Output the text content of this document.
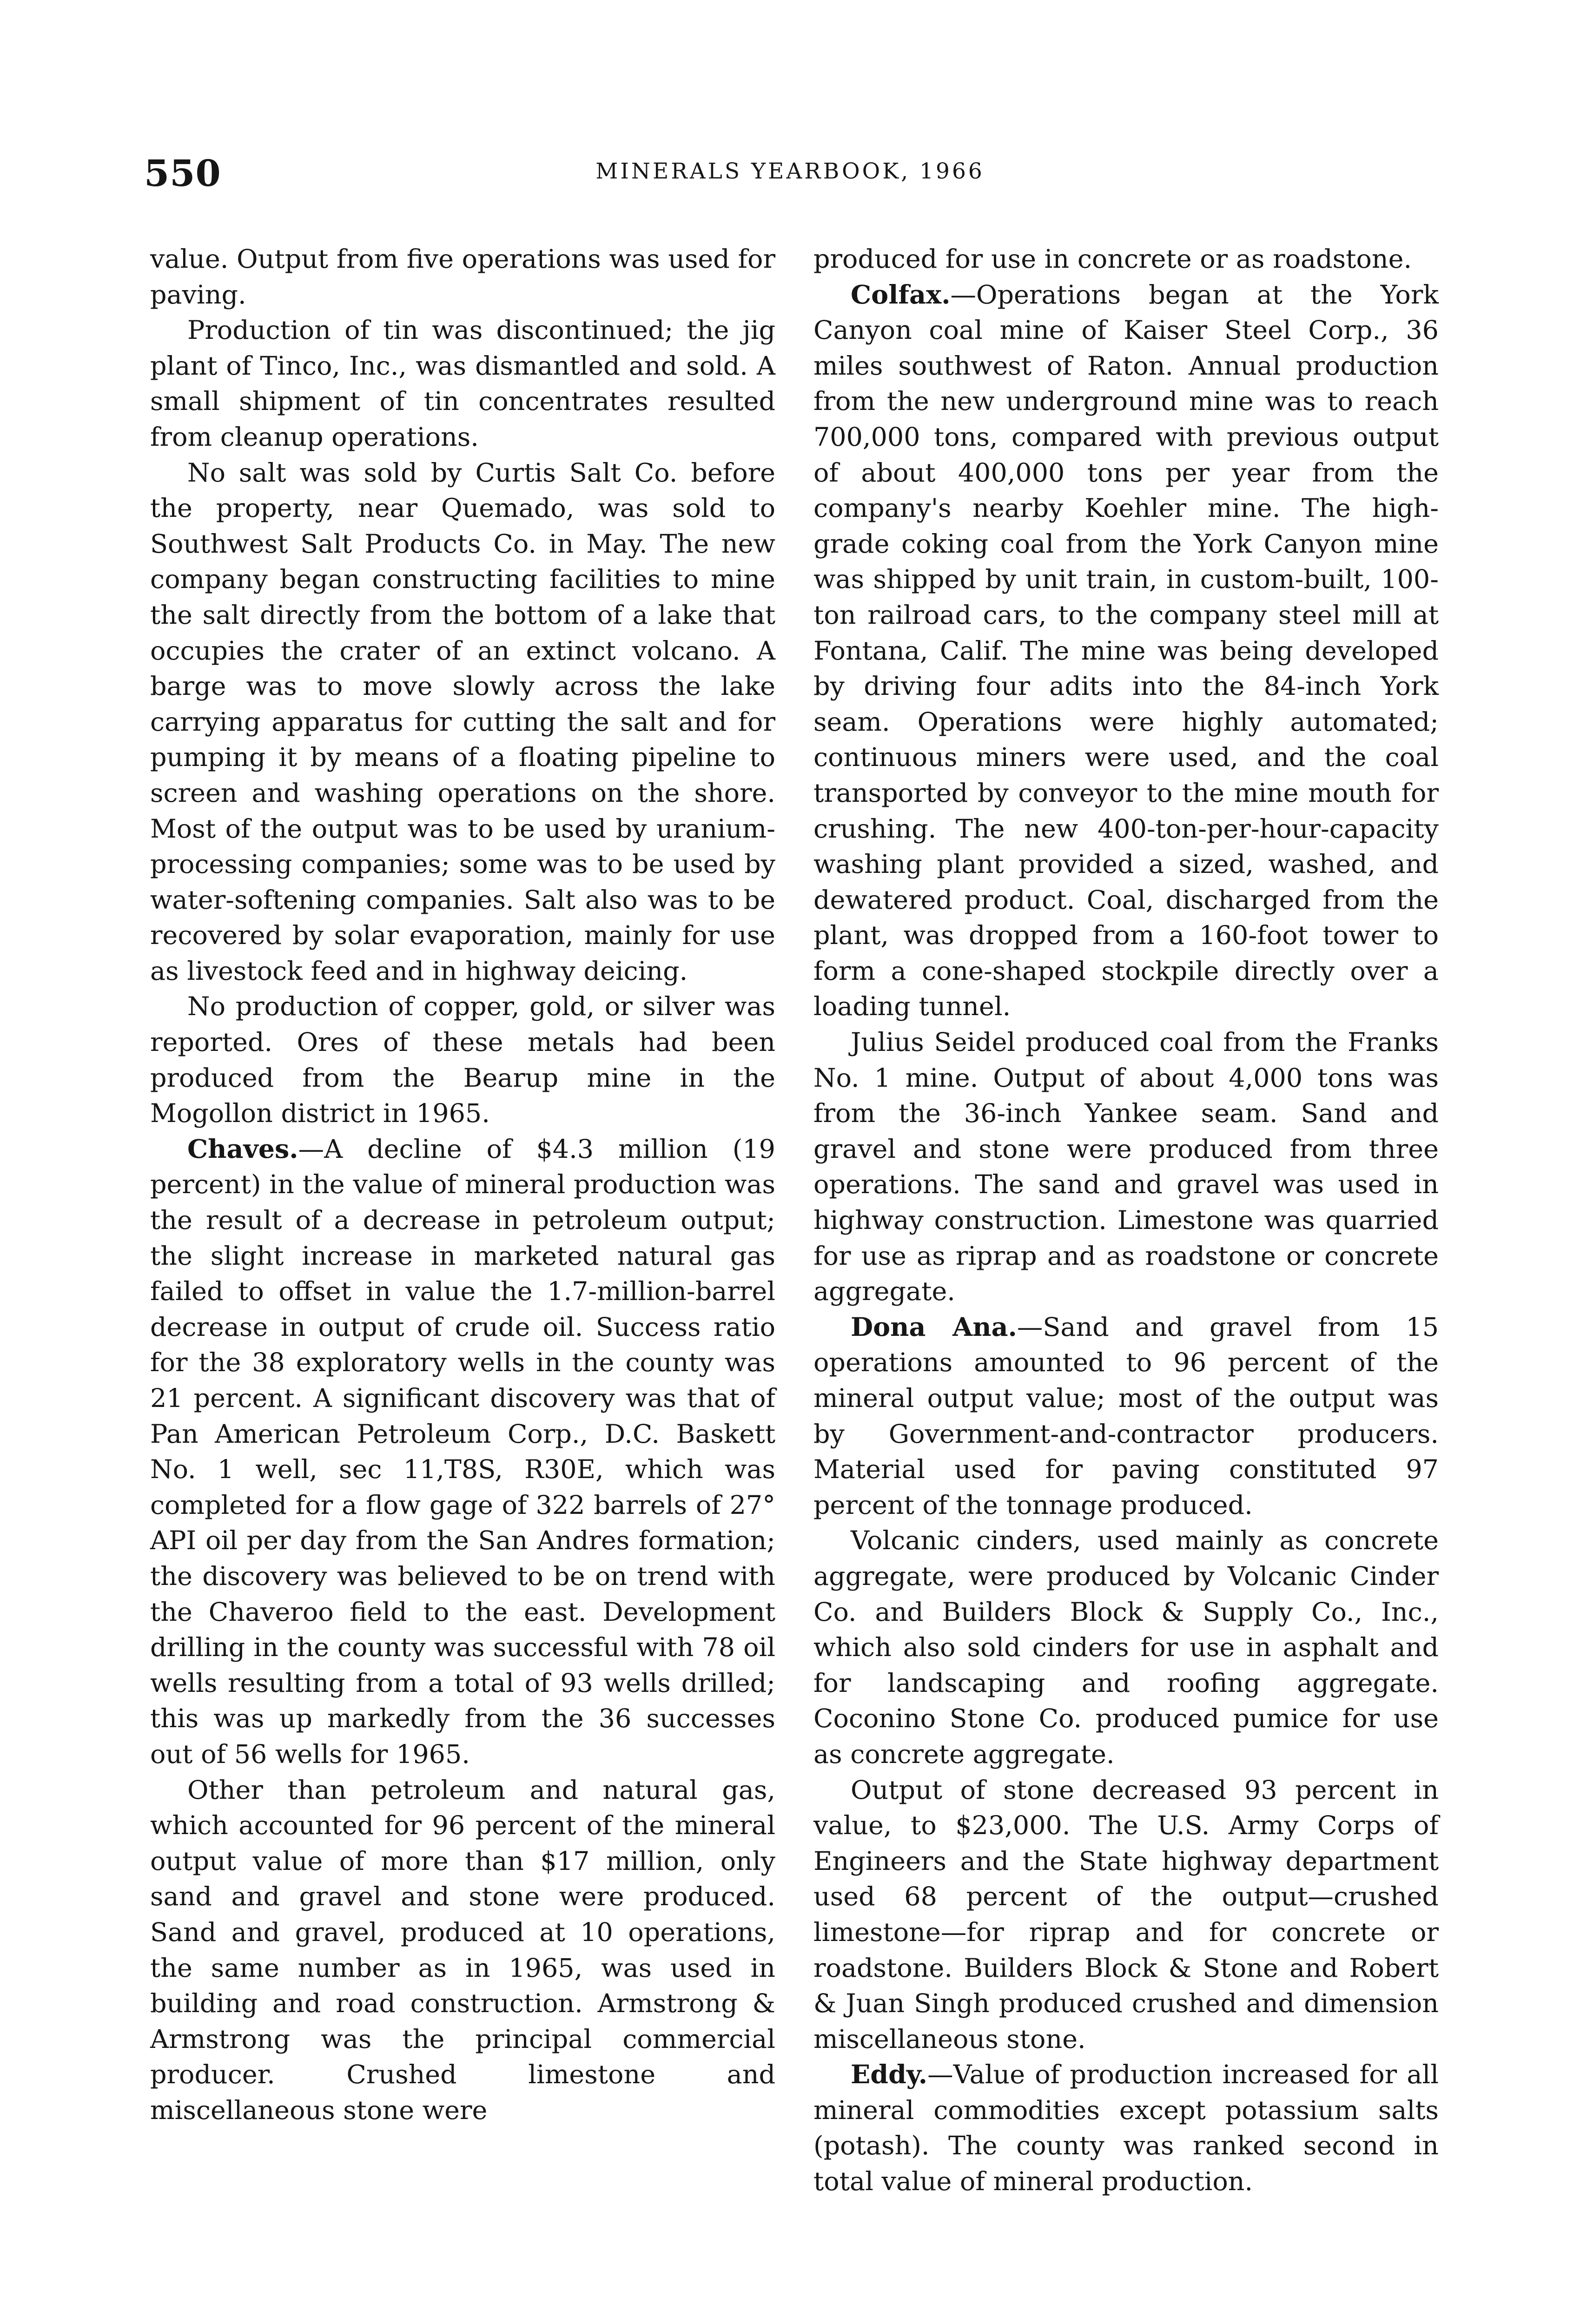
550	MINERALS YEARBOOK, 1966

value. Output from five operations was used for paving.

Production of tin was discontinued; the jig plant of Tinco, Inc., was dismantled and sold. A small shipment of tin concentrates resulted from cleanup operations.

No salt was sold by Curtis Salt Co. before the property, near Quemado, was sold to Southwest Salt Products Co. in May. The new company began constructing facilities to mine the salt directly from the bottom of a lake that occupies the crater of an extinct volcano. A barge was to move slowly across the lake carrying apparatus for cutting the salt and for pumping it by means of a floating pipeline to screen and washing operations on the shore. Most of the output was to be used by uranium-processing companies; some was to be used by water-softening companies. Salt also was to be recovered by solar evaporation, mainly for use as livestock feed and in highway deicing.

No production of copper, gold, or silver was reported. Ores of these metals had been produced from the Bearup mine in the Mogollon district in 1965.

Chaves.—A decline of $4.3 million (19 percent) in the value of mineral production was the result of a decrease in petroleum output; the slight increase in marketed natural gas failed to offset in value the 1.7-million-barrel decrease in output of crude oil. Success ratio for the 38 exploratory wells in the county was 21 percent. A significant discovery was that of Pan American Petroleum Corp., D.C. Baskett No. 1 well, sec 11,T8S, R30E, which was completed for a flow gage of 322 barrels of 27° API oil per day from the San Andres formation; the discovery was believed to be on trend with the Chaveroo field to the east. Development drilling in the county was successful with 78 oil wells resulting from a total of 93 wells drilled; this was up markedly from the 36 successes out of 56 wells for 1965.

Other than petroleum and natural gas, which accounted for 96 percent of the mineral output value of more than $17 million, only sand and gravel and stone were produced. Sand and gravel, produced at 10 operations, the same number as in 1965, was used in building and road construction. Armstrong & Armstrong was the principal commercial producer. Crushed limestone and miscellaneous stone were

produced for use in concrete or as roadstone.

Colfax.—Operations began at the York Canyon coal mine of Kaiser Steel Corp., 36 miles southwest of Raton. Annual production from the new underground mine was to reach 700,000 tons, compared with previous output of about 400,000 tons per year from the company's nearby Koehler mine. The high-grade coking coal from the York Canyon mine was shipped by unit train, in custom-built, 100-ton railroad cars, to the company steel mill at Fontana, Calif. The mine was being developed by driving four adits into the 84-inch York seam. Operations were highly automated; continuous miners were used, and the coal transported by conveyor to the mine mouth for crushing. The new 400-ton-per-hour-capacity washing plant provided a sized, washed, and dewatered product. Coal, discharged from the plant, was dropped from a 160-foot tower to form a cone-shaped stockpile directly over a loading tunnel.

Julius Seidel produced coal from the Franks No. 1 mine. Output of about 4,000 tons was from the 36-inch Yankee seam. Sand and gravel and stone were produced from three operations. The sand and gravel was used in highway construction. Limestone was quarried for use as riprap and as roadstone or concrete aggregate.

Dona Ana.—Sand and gravel from 15 operations amounted to 96 percent of the mineral output value; most of the output was by Government-and-contractor producers. Material used for paving constituted 97 percent of the tonnage produced.

Volcanic cinders, used mainly as concrete aggregate, were produced by Volcanic Cinder Co. and Builders Block & Supply Co., Inc., which also sold cinders for use in asphalt and for landscaping and roofing aggregate. Coconino Stone Co. produced pumice for use as concrete aggregate.

Output of stone decreased 93 percent in value, to $23,000. The U.S. Army Corps of Engineers and the State highway department used 68 percent of the output—crushed limestone—for riprap and for concrete or roadstone. Builders Block & Stone and Robert & Juan Singh produced crushed and dimension miscellaneous stone.

Eddy.—Value of production increased for all mineral commodities except potassium salts (potash). The county was ranked second in total value of mineral production.
